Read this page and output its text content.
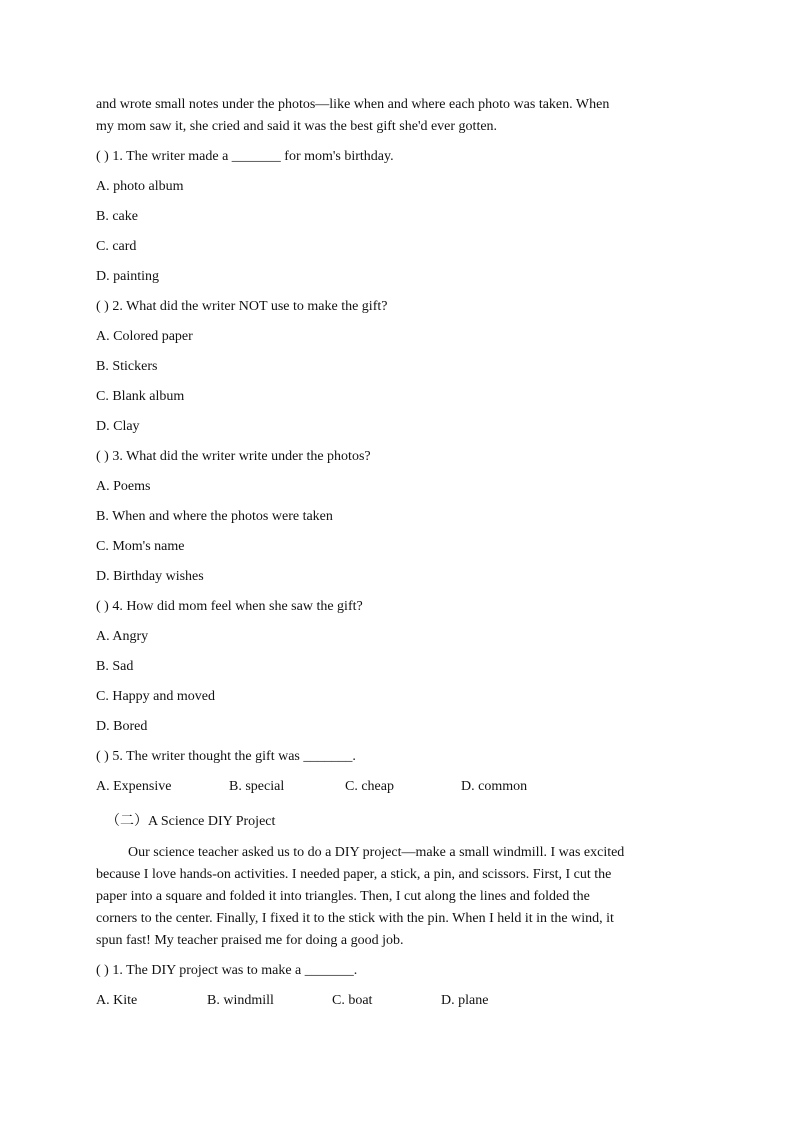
and wrote small notes under the photos—like when and where each photo was taken. When
my mom saw it, she cried and said it was the best gift she'd ever gotten.
( ) 1. The writer made a _______ for mom's birthday.
A. photo album
B. cake
C. card
D. painting
( ) 2. What did the writer NOT use to make the gift?
A. Colored paper
B. Stickers
C. Blank album
D. Clay
( ) 3. What did the writer write under the photos?
A. Poems
B. When and where the photos were taken
C. Mom's name
D. Birthday wishes
( ) 4. How did mom feel when she saw the gift?
A. Angry
B. Sad
C. Happy and moved
D. Bored
( ) 5. The writer thought the gift was _______.
A. Expensive	B. special	C. cheap	D. common
（二）A Science DIY Project
Our science teacher asked us to do a DIY project—make a small windmill. I was excited
because I love hands-on activities. I needed paper, a stick, a pin, and scissors. First, I cut the
paper into a square and folded it into triangles. Then, I cut along the lines and folded the
corners to the center. Finally, I fixed it to the stick with the pin. When I held it in the wind, it
spun fast! My teacher praised me for doing a good job.
( ) 1. The DIY project was to make a _______.
A. Kite	B. windmill	C. boat	D. plane
